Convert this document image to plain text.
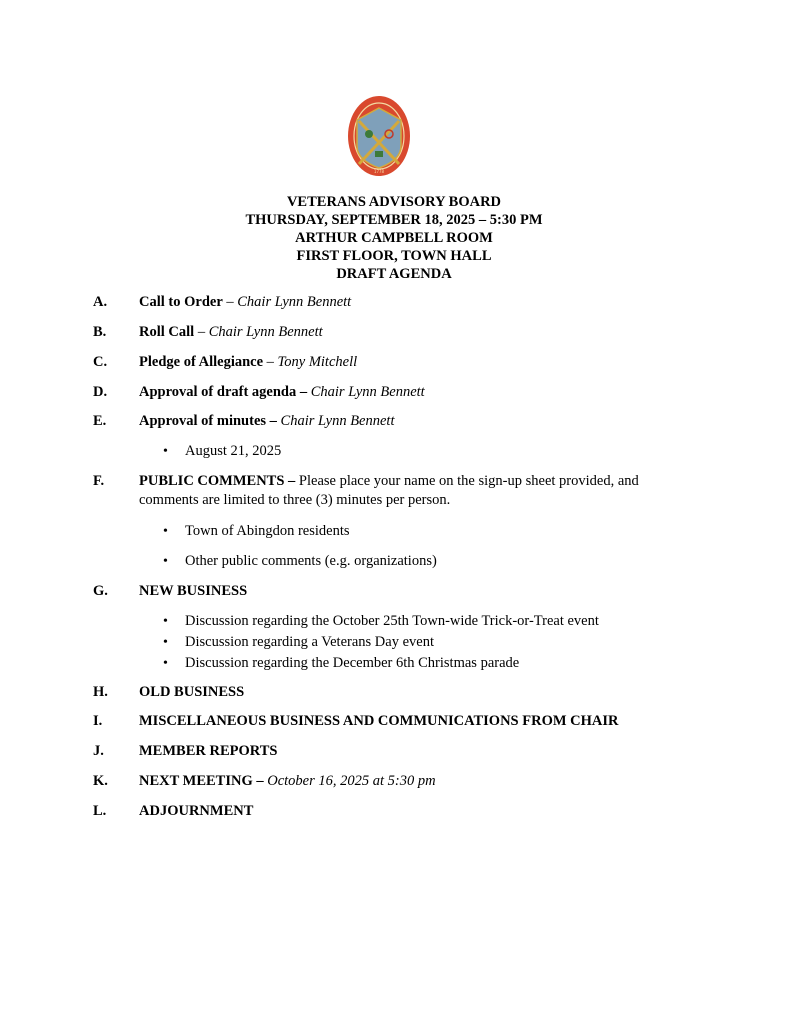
1778
VETERANS ADVISORY BOARD
THURSDAY, SEPTEMBER 18, 2025 – 5:30 PM
ARTHUR CAMPBELL ROOM
FIRST FLOOR, TOWN HALL
DRAFT AGENDA
A. Call to Order – Chair Lynn Bennett
B. Roll Call – Chair Lynn Bennett
C. Pledge of Allegiance – Tony Mitchell
D. Approval of draft agenda – Chair Lynn Bennett
E. Approval of minutes – Chair Lynn Bennett
• August 21, 2025
F. PUBLIC COMMENTS – Please place your name on the sign-up sheet provided, and comments are limited to three (3) minutes per person.
• Town of Abingdon residents
• Other public comments (e.g. organizations)
G. NEW BUSINESS
• Discussion regarding the October 25th Town-wide Trick-or-Treat event
• Discussion regarding a Veterans Day event
• Discussion regarding the December 6th Christmas parade
H. OLD BUSINESS
I.	MISCELLANEOUS BUSINESS AND COMMUNICATIONS FROM CHAIR
J. MEMBER REPORTS
K. NEXT MEETING – October 16, 2025 at 5:30 pm
L. ADJOURNMENT
